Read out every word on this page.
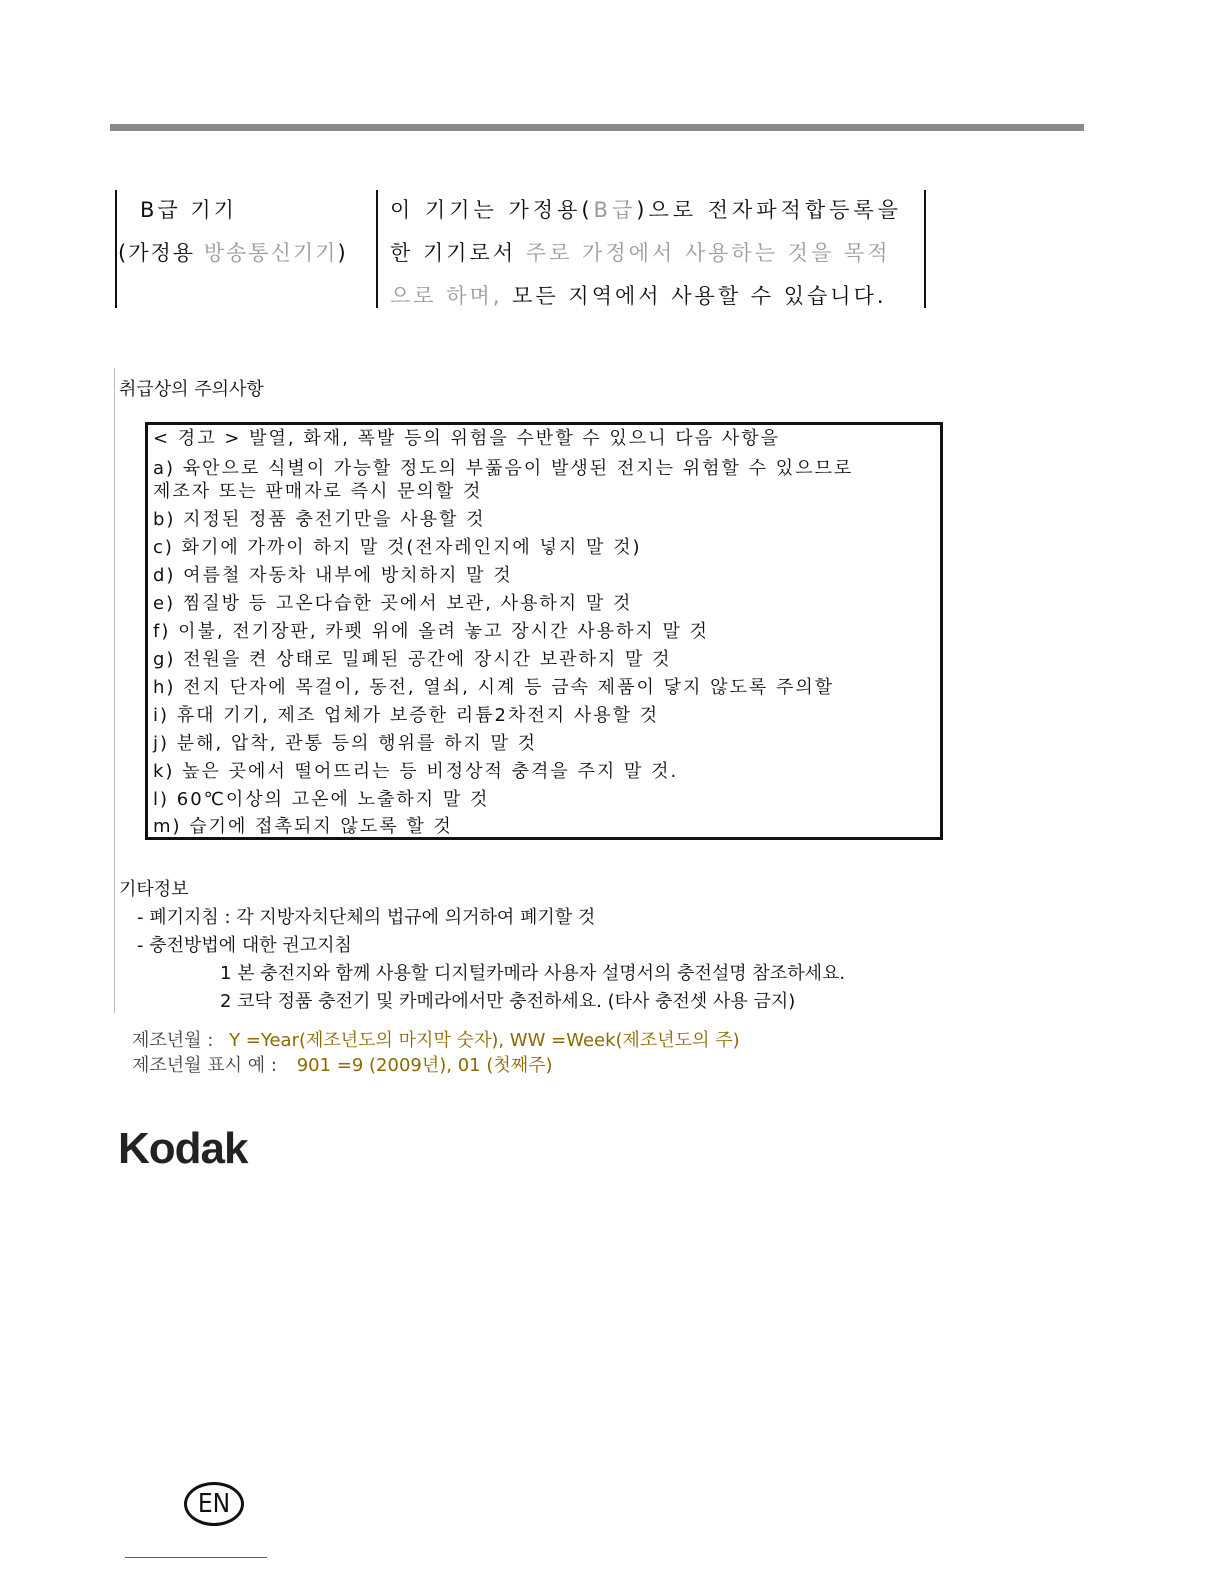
B급 기기
(가정용 방송통신기기)
이 기기는 가정용(B급)으로 전자파적합등록을
한 기기로서 주로 가정에서 사용하는 것을 목적
으로 하며, 모든 지역에서 사용할 수 있습니다.
취급상의 주의사항
< 경고 > 발열, 화재, 폭발 등의 위험을 수반할 수 있으니 다음 사항을
a) 육안으로 식별이 가능할 정도의 부풂음이 발생된 전지는 위험할 수 있으므로
제조자 또는 판매자로 즉시 문의할 것
b) 지정된 정품 충전기만을 사용할 것
c) 화기에 가까이 하지 말 것(전자레인지에 넣지 말 것)
d) 여름철 자동차 내부에 방치하지 말 것
e) 찜질방 등 고온다습한 곳에서 보관, 사용하지 말 것
f) 이불, 전기장판, 카펫 위에 올려 놓고 장시간 사용하지 말 것
g) 전원을 켠 상태로 밀폐된 공간에 장시간 보관하지 말 것
h) 전지 단자에 목걸이, 동전, 열쇠, 시계 등 금속 제품이 닿지 않도록 주의할
i) 휴대 기기, 제조 업체가 보증한 리튬2차전지 사용할 것
j) 분해, 압착, 관통 등의 행위를 하지 말 것
k) 높은 곳에서 떨어뜨리는 등 비정상적 충격을 주지 말 것.
l) 60℃이상의 고온에 노출하지 말 것
m) 습기에 접촉되지 않도록 할 것
기타정보
- 폐기지침 : 각 지방자치단체의 법규에 의거하여 폐기할 것
- 충전방법에 대한 권고지침
1 본 충전지와 함께 사용할 디지털카메라 사용자 설명서의 충전설명 참조하세요.
2 코닥 정품 충전기 및 카메라에서만 충전하세요. (타사 충전셋 사용 금지)
제조년월 : Y =Year(제조년도의 마지막 숫자), WW =Week(제조년도의 주)
제조년월 표시 예 : 901 =9 (2009년), 01 (첫째주)
Kodak
EN
